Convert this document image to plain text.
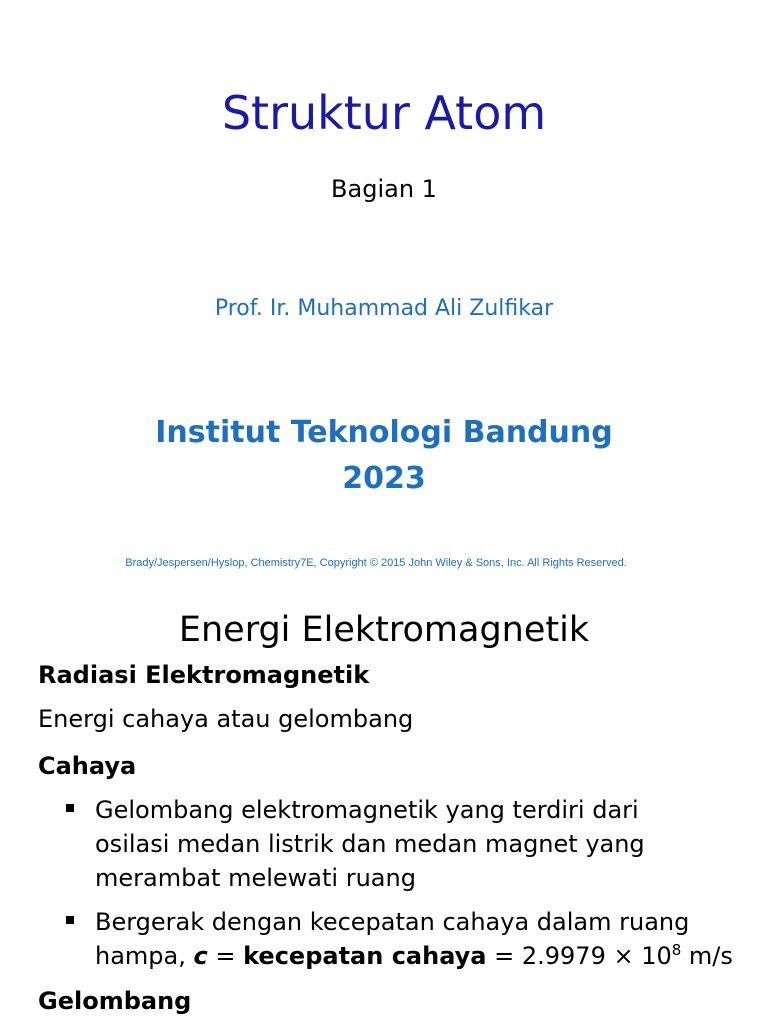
Struktur Atom
Bagian 1
Prof. Ir. Muhammad Ali Zulfikar
Institut Teknologi Bandung
2023
Brady/Jespersen/Hyslop, Chemistry7E, Copyright © 2015 John Wiley & Sons, Inc. All Rights Reserved.
Energi Elektromagnetik
Radiasi Elektromagnetik
Energi cahaya atau gelombang
Cahaya
Gelombang elektromagnetik yang terdiri dari
osilasi medan listrik dan medan magnet yang
merambat melewati ruang
Bergerak dengan kecepatan cahaya dalam ruang
hampa, c = kecepatan cahaya = $2.9979 \times 10^8$ m/s
Gelombang
